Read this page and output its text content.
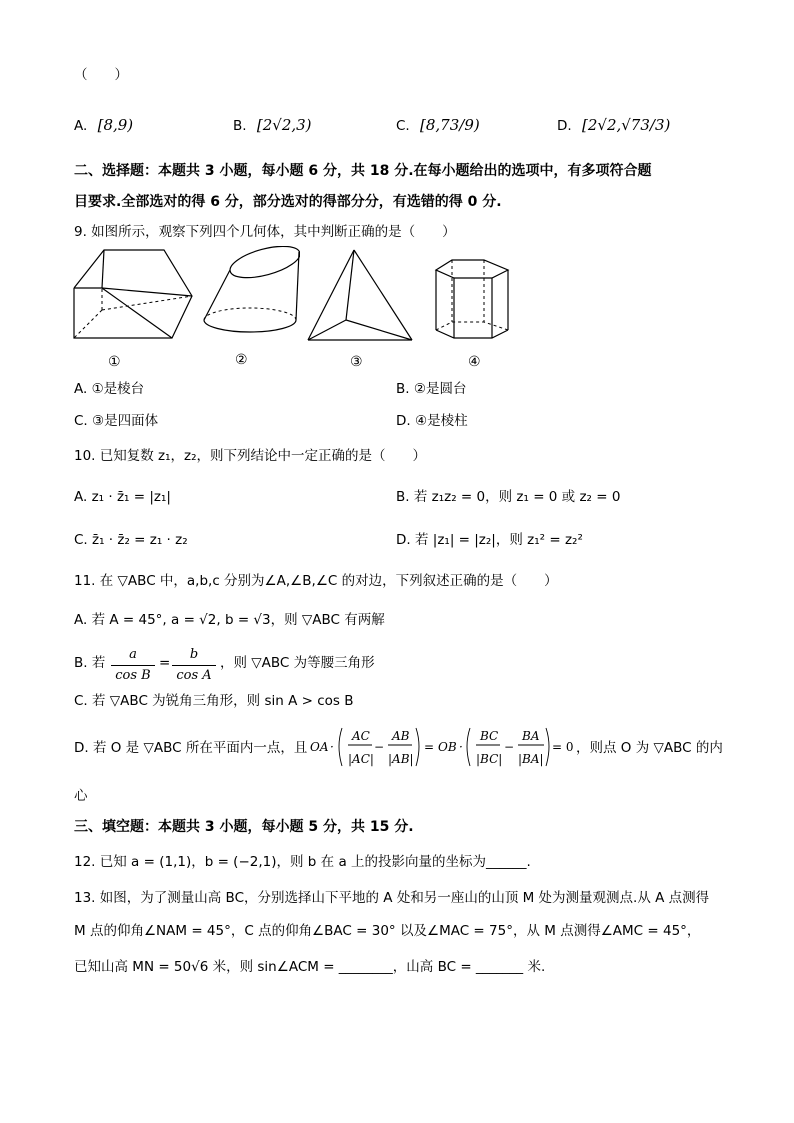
（　　）
A. [8,9)	B. [2√2,3)	C. [8,73/9)	D. [2√2,√73/3)
二、选择题：本题共 3 小题，每小题 6 分，共 18 分.在每小题给出的选项中，有多项符合题
目要求.全部选对的得 6 分，部分选对的得部分分，有选错的得 0 分.
9. 如图所示，观察下列四个几何体，其中判断正确的是（　　）
①	②	③	④
A. ①是棱台	B. ②是圆台
C. ③是四面体	D. ④是棱柱
10. 已知复数 z₁，z₂，则下列结论中一定正确的是（　　）
A. z₁ · z̄₁ = |z₁|	B. 若 z₁z₂ = 0，则 z₁ = 0 或 z₂ = 0
C. z̄₁ · z̄₂ = z₁ · z₂	D. 若 |z₁| = |z₂|，则 z₁² = z₂²
11. 在 ▽ABC 中，a,b,c 分别为∠A,∠B,∠C 的对边，下列叙述正确的是（　　）
A. 若 A = 45°, a = √2, b = √3，则 ▽ABC 有两解
B. 若
a
cos B
=
b
cos A
，则 ▽ABC 为等腰三角形
C. 若 ▽ABC 为锐角三角形，则 sin A > cos B
D. 若 O 是 ▽ABC 所在平面内一点，且 OA ·
AC
|AC|
−
AB
|AB|
= OB ·
BC
|BC|
−
BA
|BA|
= 0 ，则点 O 为 ▽ABC 的内
心
三、填空题：本题共 3 小题，每小题 5 分，共 15 分.
12. 已知 a = (1,1)，b = (−2,1)，则 b 在 a 上的投影向量的坐标为______.
13. 如图，为了测量山高 BC，分别选择山下平地的 A 处和另一座山的山顶 M 处为测量观测点.从 A 点测得
M 点的仰角∠NAM = 45°，C 点的仰角∠BAC = 30° 以及∠MAC = 75°，从 M 点测得∠AMC = 45°，
已知山高 MN = 50√6 米，则 sin∠ACM = ________，山高 BC = _______ 米.
